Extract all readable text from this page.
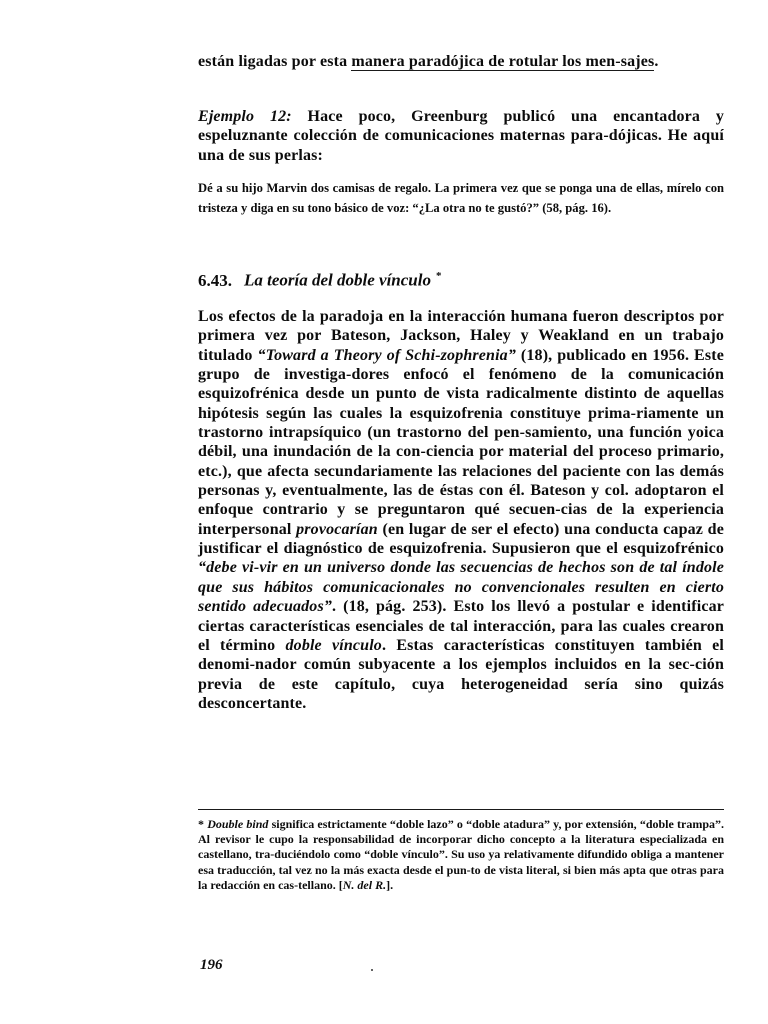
están ligadas por esta manera paradójica de rotular los men-sajes.

Ejemplo 12: Hace poco, Greenburg publicó una encantadora y espeluznante colección de comunicaciones maternas para-dójicas. He aquí una de sus perlas:

Dé a su hijo Marvin dos camisas de regalo. La primera vez que se ponga una de ellas, mírelo con tristeza y diga en su tono básico de voz: “¿La otra no te gustó?” (58, pág. 16).

6.43. La teoría del doble vínculo *

Los efectos de la paradoja en la interacción humana fueron descriptos por primera vez por Bateson, Jackson, Haley y Weakland en un trabajo titulado “Toward a Theory of Schi-zophrenia” (18), publicado en 1956. Este grupo de investiga-dores enfocó el fenómeno de la comunicación esquizofrénica desde un punto de vista radicalmente distinto de aquellas hipótesis según las cuales la esquizofrenia constituye prima-riamente un trastorno intrapsíquico (un trastorno del pen-samiento, una función yoica débil, una inundación de la con-ciencia por material del proceso primario, etc.), que afecta secundariamente las relaciones del paciente con las demás personas y, eventualmente, las de éstas con él. Bateson y col. adoptaron el enfoque contrario y se preguntaron qué secuen-cias de la experiencia interpersonal provocarían (en lugar de ser el efecto) una conducta capaz de justificar el diagnóstico de esquizofrenia. Supusieron que el esquizofrénico “debe vi-vir en un universo donde las secuencias de hechos son de tal índole que sus hábitos comunicacionales no convencionales resulten en cierto sentido adecuados”. (18, pág. 253). Esto los llevó a postular e identificar ciertas características esenciales de tal interacción, para las cuales crearon el término doble vínculo. Estas características constituyen también el denomi-nador común subyacente a los ejemplos incluidos en la sec-ción previa de este capítulo, cuya heterogeneidad sería sino quizás desconcertante.

* Double bind significa estrictamente “doble lazo” o “doble atadura” y, por extensión, “doble trampa”. Al revisor le cupo la responsabilidad de incorporar dicho concepto a la literatura especializada en castellano, tra-duciéndolo como “doble vínculo”. Su uso ya relativamente difundido obliga a mantener esa traducción, tal vez no la más exacta desde el pun-to de vista literal, si bien más apta que otras para la redacción en cas-tellano. [N. del R.].

196
